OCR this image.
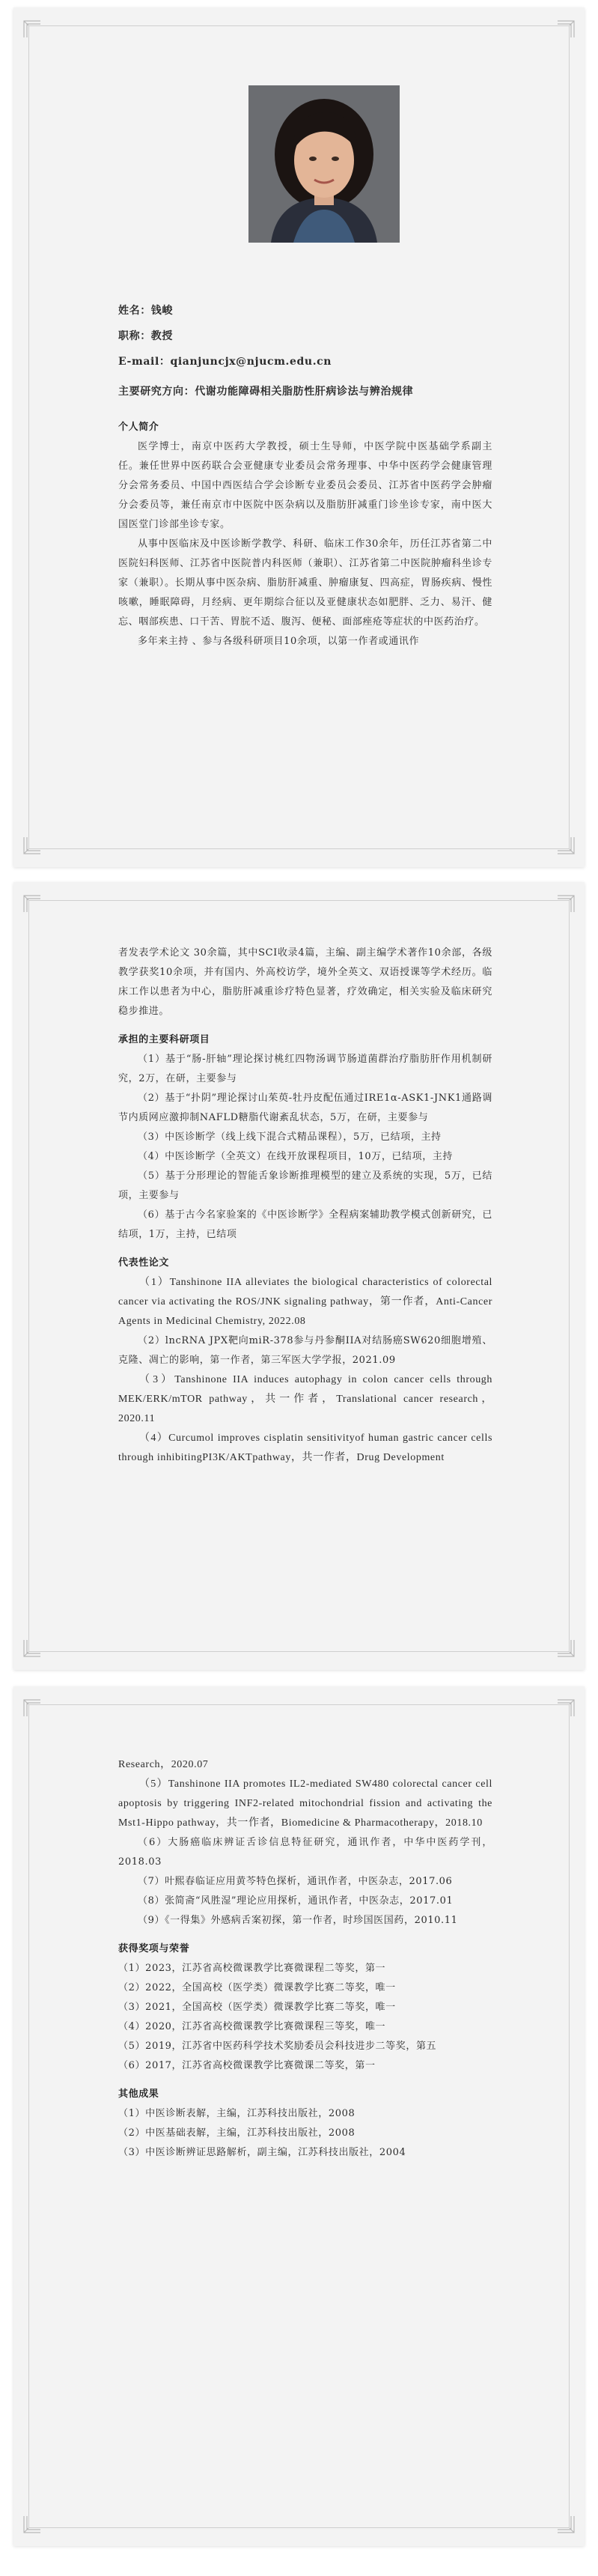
姓名：钱峻

职称：教授

E-mail：qianjuncjx@njucm.edu.cn

主要研究方向：代谢功能障碍相关脂肪性肝病诊法与辨治规律

个人简介

医学博士，南京中医药大学教授，硕士生导师，中医学院中医基础学系副主任。兼任世界中医药联合会亚健康专业委员会常务理事、中华中医药学会健康管理分会常务委员、中国中西医结合学会诊断专业委员会委员、江苏省中医药学会肿瘤分会委员等，兼任南京市中医院中医杂病以及脂肪肝减重门诊坐诊专家，南中医大国医堂门诊部坐诊专家。

从事中医临床及中医诊断学教学、科研、临床工作30余年，历任江苏省第二中医院妇科医师、江苏省中医院普内科医师（兼职）、江苏省第二中医院肿瘤科坐诊专家（兼职）。长期从事中医杂病、脂肪肝减重、肿瘤康复、四高症，胃肠疾病、慢性咳嗽，睡眠障碍，月经病、更年期综合征以及亚健康状态如肥胖、乏力、易汗、健忘、咽部疾患、口干苦、胃脘不适、腹泻、便秘、面部痤疮等症状的中医药治疗。

多年来主持 、参与各级科研项目10余项，以第一作者或通讯作

者发表学术论文 30余篇，其中SCI收录4篇，主编、副主编学术著作10余部，各级教学获奖10余项，并有国内、外高校访学，境外全英文、双语授课等学术经历。临床工作以患者为中心，脂肪肝减重诊疗特色显著，疗效确定，相关实验及临床研究稳步推进。

承担的主要科研项目

（1）基于“肠-肝轴”理论探讨桃红四物汤调节肠道菌群治疗脂肪肝作用机制研究，2万，在研，主要参与

（2）基于“扑阴”理论探讨山茱萸-牡丹皮配伍通过IRE1α-ASK1-JNK1通路调节内质网应激抑制NAFLD糖脂代谢紊乱状态，5万，在研，主要参与

（3）中医诊断学（线上线下混合式精品课程），5万，已结项，主持

（4）中医诊断学（全英文）在线开放课程项目，10万，已结项，主持

（5）基于分形理论的智能舌象诊断推理模型的建立及系统的实现，5万，已结项，主要参与

（6）基于古今名家验案的《中医诊断学》全程病案辅助教学模式创新研究，已结项，1万，主持，已结项

代表性论文

（1）Tanshinone IIA alleviates the biological characteristics of colorectal cancer via activating the ROS/JNK signaling pathway，第一作者，Anti-Cancer Agents in Medicinal Chemistry, 2022.08

（2）lncRNA JPX靶向miR-378参与丹参酮IIA对结肠癌SW620细胞增殖、克隆、凋亡的影响，第一作者，第三军医大学学报，2021.09

（3）Tanshinone IIA induces autophagy in colon cancer cells through MEK/ERK/mTOR pathway，共一作者，Translational cancer research，2020.11

（4）Curcumol improves cisplatin sensitivityof human gastric cancer cells through inhibitingPI3K/AKTpathway，共一作者，Drug Development

Research，2020.07

（5）Tanshinone IIA promotes IL2-mediated SW480 colorectal cancer cell apoptosis by triggering INF2-related mitochondrial fission and activating the Mst1-Hippo pathway，共一作者，Biomedicine & Pharmacotherapy，2018.10

（6）大肠癌临床辨证舌诊信息特征研究，通讯作者，中华中医药学刊，2018.03

（7）叶熙春临证应用黄芩特色探析，通讯作者，中医杂志，2017.06

（8）张简斋“风胜湿”理论应用探析，通讯作者，中医杂志，2017.01

（9）《一得集》外感病舌案初探，第一作者，时珍国医国药，2010.11

获得奖项与荣誉

（1）2023，江苏省高校微课教学比赛微课程二等奖，第一

（2）2022，全国高校（医学类）微课教学比赛二等奖，唯一

（3）2021，全国高校（医学类）微课教学比赛二等奖，唯一

（4）2020，江苏省高校微课教学比赛微课程三等奖，唯一

（5）2019，江苏省中医药科学技术奖励委员会科技进步二等奖，第五

（6）2017，江苏省高校微课教学比赛微课二等奖，第一

其他成果

（1）中医诊断表解，主编，江苏科技出版社，2008

（2）中医基础表解，主编，江苏科技出版社，2008

（3）中医诊断辨证思路解析，副主编，江苏科技出版社，2004
